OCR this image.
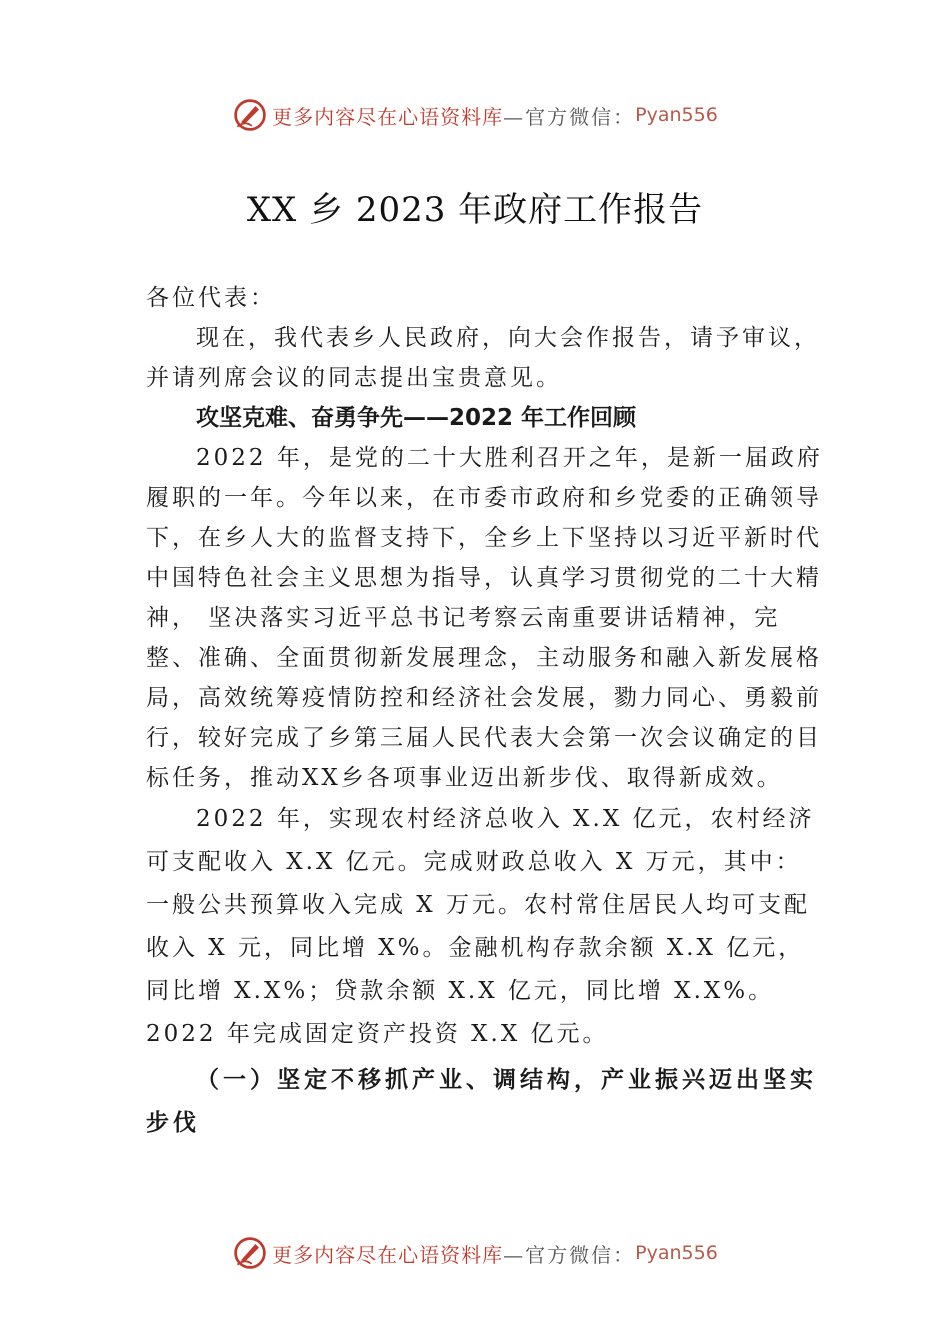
更多内容尽在心语资料库 —官方微信： Pyan556
XX 乡 2023 年政府工作报告

各位代表：

现在，我代表乡人民政府，向大会作报告，请予审议，并请列席会议的同志提出宝贵意见。

攻坚克难、奋勇争先——2022 年工作回顾

2022 年，是党的二十大胜利召开之年，是新一届政府履职的一年。今年以来，在市委市政府和乡党委的正确领导下，在乡人大的监督支持下，全乡上下坚持以习近平新时代中国特色社会主义思想为指导，认真学习贯彻党的二十大精神， 坚决落实习近平总书记考察云南重要讲话精神，完整、准确、全面贯彻新发展理念，主动服务和融入新发展格局，高效统筹疫情防控和经济社会发展，勠力同心、勇毅前行，较好完成了乡第三届人民代表大会第一次会议确定的目标任务，推动XX乡各项事业迈出新步伐、取得新成效。

2022 年，实现农村经济总收入 X.X 亿元，农村经济可支配收入 X.X 亿元。完成财政总收入 X 万元，其中：一般公共预算收入完成 X 万元。农村常住居民人均可支配收入 X 元，同比增 X%。金融机构存款余额 X.X 亿元，同比增 X.X%；贷款余额 X.X 亿元，同比增 X.X%。2022 年完成固定资产投资 X.X 亿元。

（一）坚定不移抓产业、调结构，产业振兴迈出坚实步伐

更多内容尽在心语资料库 —官方微信： Pyan556
